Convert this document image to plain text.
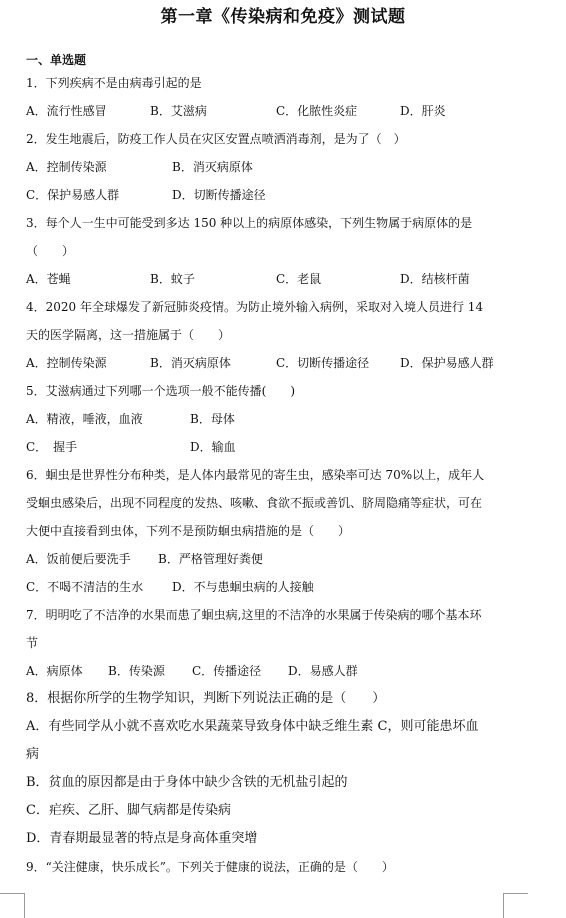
第一章《传染病和免疫》测试题
一、单选题
1．下列疾病不是由病毒引起的是
A．流行性感冒	B．艾滋病	C．化脓性炎症	D．肝炎
2．发生地震后，防疫工作人员在灾区安置点喷洒消毒剂，是为了（　）
A．控制传染源	B．消灭病原体
C．保护易感人群	D．切断传播途径
3．每个人一生中可能受到多达 150 种以上的病原体感染，下列生物属于病原体的是
（　　）
A．苍蝇	B．蚊子	C．老鼠	D．结核杆菌
4．2020 年全球爆发了新冠肺炎疫情。为防止境外输入病例，采取对入境人员进行 14
天的医学隔离，这一措施属于（　　）
A．控制传染源	B．消灭病原体	C．切断传播途径	D．保护易感人群
5．艾滋病通过下列哪一个选项一般不能传播(　　)
A．精液，唾液，血液	B．母体
C．　握手	D．输血
6．蛔虫是世界性分布种类，是人体内最常见的寄生虫，感染率可达 70%以上，成年人
受蛔虫感染后，出现不同程度的发热、咳嗽、食欲不振或善饥、脐周隐痛等症状，可在
大便中直接看到虫体，下列不是预防蛔虫病措施的是（　　）
A．饭前便后要洗手 B．严格管理好粪便
C．不喝不清洁的生水 D．不与患蛔虫病的人接触
7．明明吃了不洁净的水果而患了蛔虫病,这里的不洁净的水果属于传染病的哪个基本环
节
A．病原体 B．传染源 C．传播途径 D．易感人群
8．根据你所学的生物学知识，判断下列说法正确的是（　　）
A．有些同学从小就不喜欢吃水果蔬菜导致身体中缺乏维生素 C，则可能患坏血
病
B．贫血的原因都是由于身体中缺少含铁的无机盐引起的
C．疟疾、乙肝、脚气病都是传染病
D．青春期最显著的特点是身高体重突增
9．“关注健康，快乐成长”。下列关于健康的说法，正确的是（　　）
